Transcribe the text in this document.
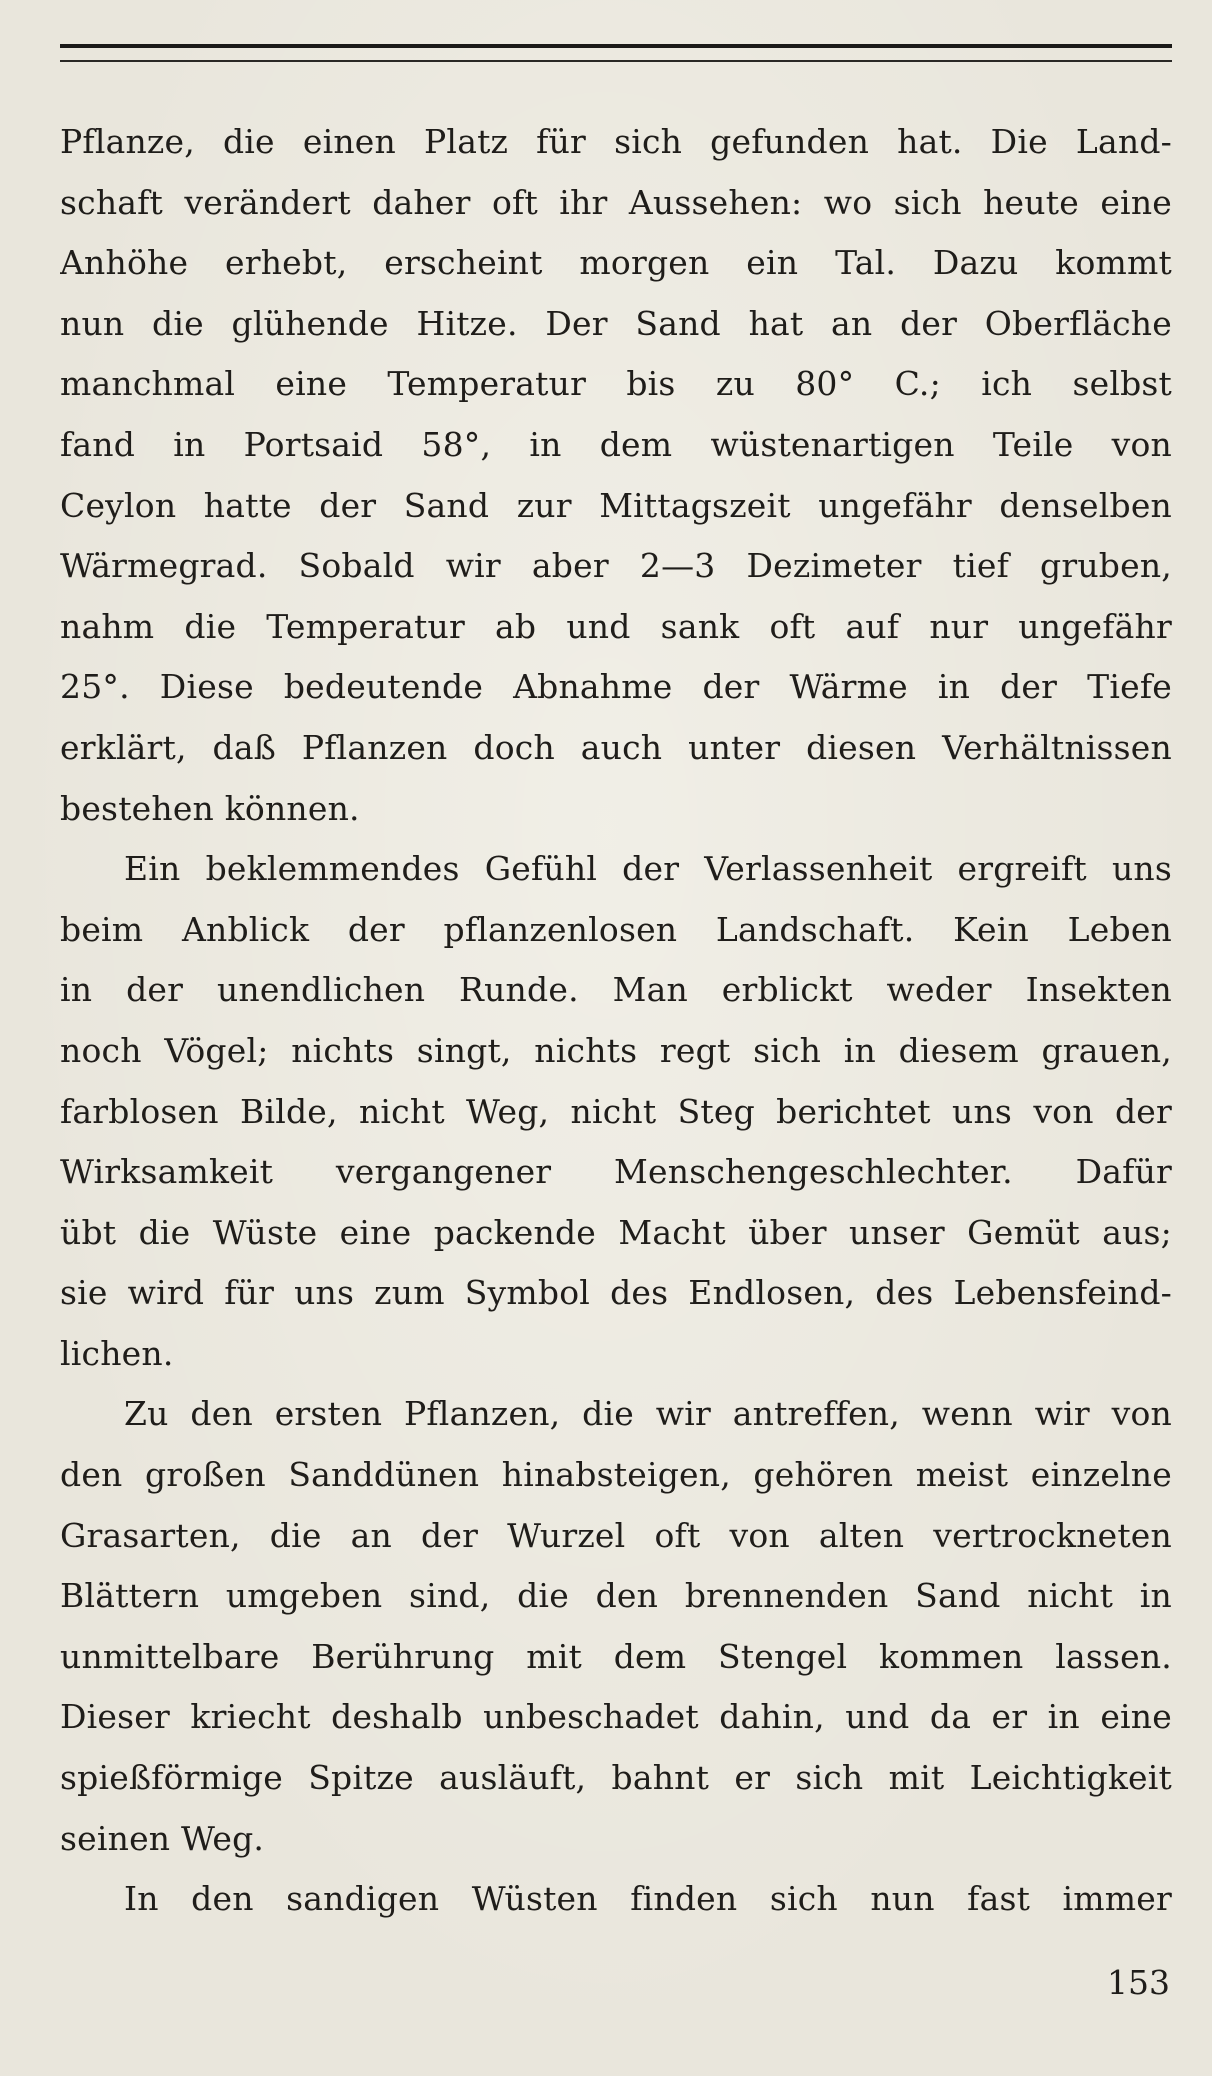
Pflanze, die einen Platz für sich gefunden hat. Die Land-
schaft verändert daher oft ihr Aussehen: wo sich heute eine
Anhöhe erhebt, erscheint morgen ein Tal. Dazu kommt
nun die glühende Hitze. Der Sand hat an der Oberfläche
manchmal eine Temperatur bis zu 80° C.; ich selbst
fand in Portsaid 58°, in dem wüstenartigen Teile von
Ceylon hatte der Sand zur Mittagszeit ungefähr denselben
Wärmegrad. Sobald wir aber 2—3 Dezimeter tief gruben,
nahm die Temperatur ab und sank oft auf nur ungefähr
25°. Diese bedeutende Abnahme der Wärme in der Tiefe
erklärt, daß Pflanzen doch auch unter diesen Verhältnissen
bestehen können.
Ein beklemmendes Gefühl der Verlassenheit ergreift uns
beim Anblick der pflanzenlosen Landschaft. Kein Leben
in der unendlichen Runde. Man erblickt weder Insekten
noch Vögel; nichts singt, nichts regt sich in diesem grauen,
farblosen Bilde, nicht Weg, nicht Steg berichtet uns von der
Wirksamkeit vergangener Menschengeschlechter. Dafür
übt die Wüste eine packende Macht über unser Gemüt aus;
sie wird für uns zum Symbol des Endlosen, des Lebensfeind-
lichen.
Zu den ersten Pflanzen, die wir antreffen, wenn wir von
den großen Sanddünen hinabsteigen, gehören meist einzelne
Grasarten, die an der Wurzel oft von alten vertrockneten
Blättern umgeben sind, die den brennenden Sand nicht in
unmittelbare Berührung mit dem Stengel kommen lassen.
Dieser kriecht deshalb unbeschadet dahin, und da er in eine
spießförmige Spitze ausläuft, bahnt er sich mit Leichtigkeit
seinen Weg.
In den sandigen Wüsten finden sich nun fast immer
153
